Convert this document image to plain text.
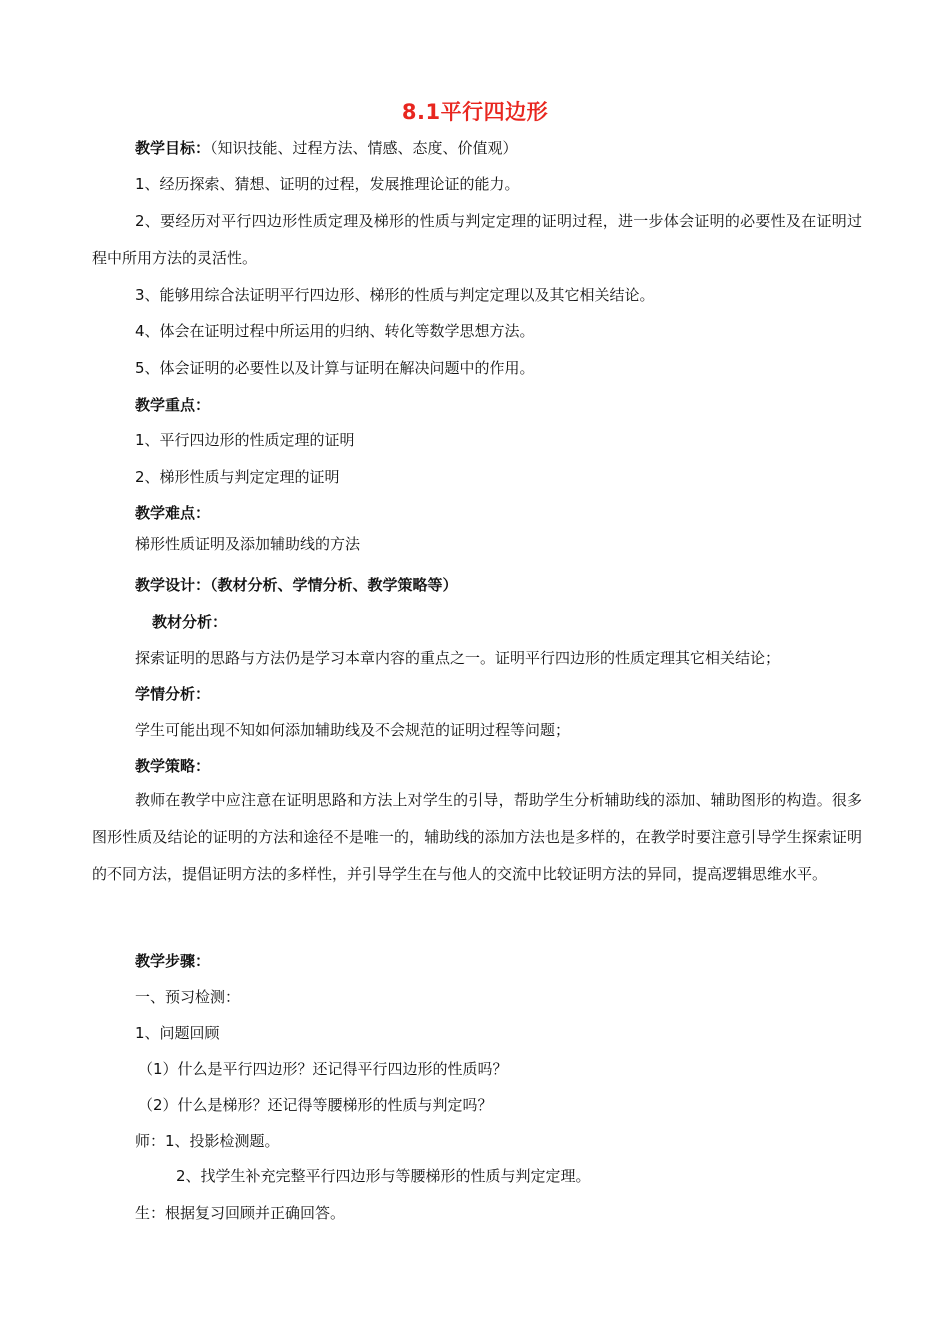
8.1平行四边形

教学目标：（知识技能、过程方法、情感、态度、价值观）

1、经历探索、猜想、证明的过程，发展推理论证的能力。

2、要经历对平行四边形性质定理及梯形的性质与判定定理的证明过程，进一步体会证明的必要性及在证明过程中所用方法的灵活性。

3、能够用综合法证明平行四边形、梯形的性质与判定定理以及其它相关结论。

4、体会在证明过程中所运用的归纳、转化等数学思想方法。

5、体会证明的必要性以及计算与证明在解决问题中的作用。

教学重点：

1、平行四边形的性质定理的证明

2、梯形性质与判定定理的证明

教学难点：

梯形性质证明及添加辅助线的方法

教学设计：（教材分析、学情分析、教学策略等）

教材分析：

探索证明的思路与方法仍是学习本章内容的重点之一。证明平行四边形的性质定理其它相关结论；

学情分析：

学生可能出现不知如何添加辅助线及不会规范的证明过程等问题；

教学策略：

教师在教学中应注意在证明思路和方法上对学生的引导，帮助学生分析辅助线的添加、辅助图形的构造。很多图形性质及结论的证明的方法和途径不是唯一的，辅助线的添加方法也是多样的，在教学时要注意引导学生探索证明的不同方法，提倡证明方法的多样性，并引导学生在与他人的交流中比较证明方法的异同，提高逻辑思维水平。

教学步骤：

一、预习检测：

1、问题回顾

（1）什么是平行四边形？还记得平行四边形的性质吗？

（2）什么是梯形？还记得等腰梯形的性质与判定吗？

师：1、投影检测题。

2、找学生补充完整平行四边形与等腰梯形的性质与判定定理。

生：根据复习回顾并正确回答。
